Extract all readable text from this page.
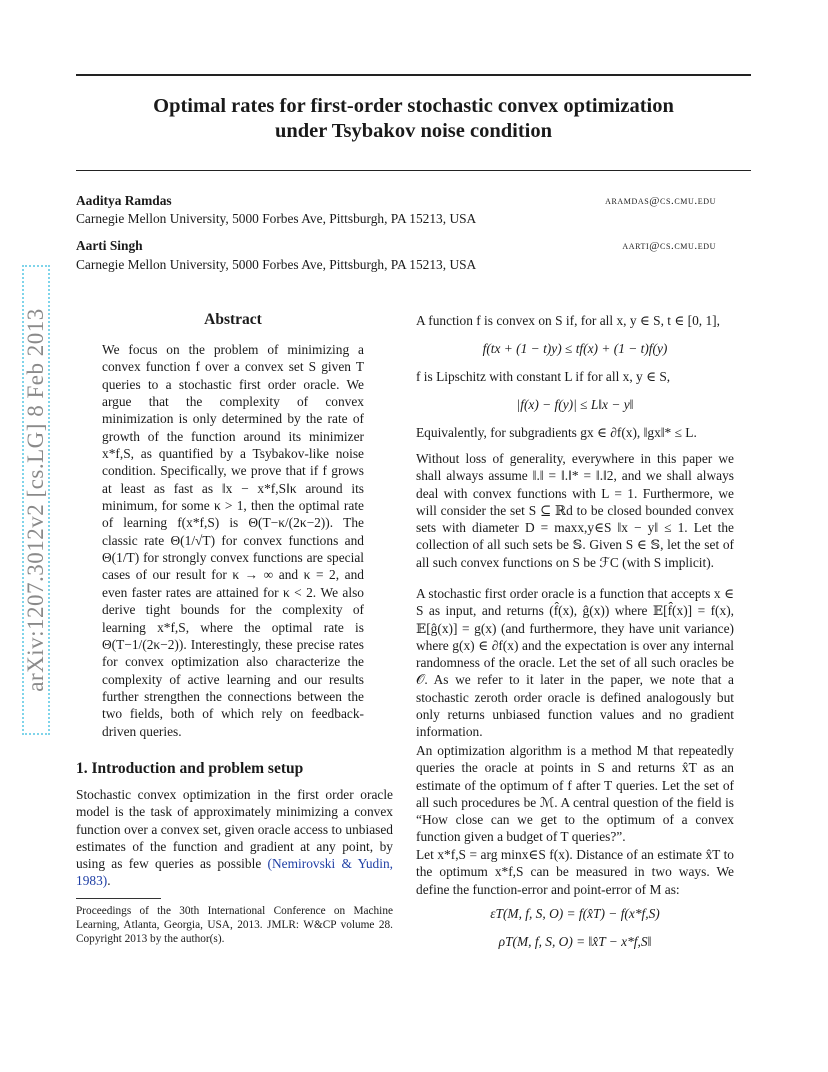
Optimal rates for first-order stochastic convex optimization
under Tsybakov noise condition
arXiv:1207.3012v2 [cs.LG] 8 Feb 2013
Aaditya Ramdas	aramdas@cs.cmu.edu
Carnegie Mellon University, 5000 Forbes Ave, Pittsburgh, PA 15213, USA
Aarti Singh	aarti@cs.cmu.edu
Carnegie Mellon University, 5000 Forbes Ave, Pittsburgh, PA 15213, USA
Abstract

We focus on the problem of minimizing a convex function f over a convex set S given T queries to a stochastic first order oracle. We argue that the complexity of convex minimization is only determined by the rate of growth of the function around its minimizer x*f,S, as quantified by a Tsybakov-like noise condition. Specifically, we prove that if f grows at least as fast as ‖x − x*f,S‖κ around its minimum, for some κ > 1, then the optimal rate of learning f(x*f,S) is Θ(T−κ/(2κ−2)). The classic rate Θ(1/√T) for convex functions and Θ(1/T) for strongly convex functions are special cases of our result for κ → ∞ and κ = 2, and even faster rates are attained for κ < 2. We also derive tight bounds for the complexity of learning x*f,S, where the optimal rate is Θ(T−1/(2κ−2)). Interestingly, these precise rates for convex optimization also characterize the complexity of active learning and our results further strengthen the connections between the two fields, both of which rely on feedback-driven queries.

1. Introduction and problem setup

Stochastic convex optimization in the first order oracle model is the task of approximately minimizing a convex function over a convex set, given oracle access to unbiased estimates of the function and gradient at any point, by using as few queries as possible (Nemirovski & Yudin, 1983).

Proceedings of the 30th International Conference on Machine Learning, Atlanta, Georgia, USA, 2013. JMLR: W&CP volume 28. Copyright 2013 by the author(s).

A function f is convex on S if, for all x, y ∈ S, t ∈ [0, 1],

f(tx + (1 − t)y) ≤ tf(x) + (1 − t)f(y)

f is Lipschitz with constant L if for all x, y ∈ S,

|f(x) − f(y)| ≤ L‖x − y‖

Equivalently, for subgradients gx ∈ ∂f(x), ‖gx‖* ≤ L.

Without loss of generality, everywhere in this paper we shall always assume ‖.‖ = ‖.‖* = ‖.‖2, and we shall always deal with convex functions with L = 1. Furthermore, we will consider the set S ⊆ ℝd to be closed bounded convex sets with diameter D = maxx,y∈S ‖x − y‖ ≤ 1. Let the collection of all such sets be 𝕊. Given S ∈ 𝕊, let the set of all such convex functions on S be ℱC (with S implicit).

A stochastic first order oracle is a function that accepts x ∈ S as input, and returns (f̂(x), ĝ(x)) where 𝔼[f̂(x)] = f(x), 𝔼[ĝ(x)] = g(x) (and furthermore, they have unit variance) where g(x) ∈ ∂f(x) and the expectation is over any internal randomness of the oracle. Let the set of all such oracles be 𝒪. As we refer to it later in the paper, we note that a stochastic zeroth order oracle is defined analogously but only returns unbiased function values and no gradient information.

An optimization algorithm is a method M that repeatedly queries the oracle at points in S and returns x̂T as an estimate of the optimum of f after T queries. Let the set of all such procedures be ℳ. A central question of the field is “How close can we get to the optimum of a convex function given a budget of T queries?”.

Let x*f,S = arg minx∈S f(x). Distance of an estimate x̂T to the optimum x*f,S can be measured in two ways. We define the function-error and point-error of M as:

εT(M, f, S, O) = f(x̂T) − f(x*f,S)
ρT(M, f, S, O) = ‖x̂T − x*f,S‖
